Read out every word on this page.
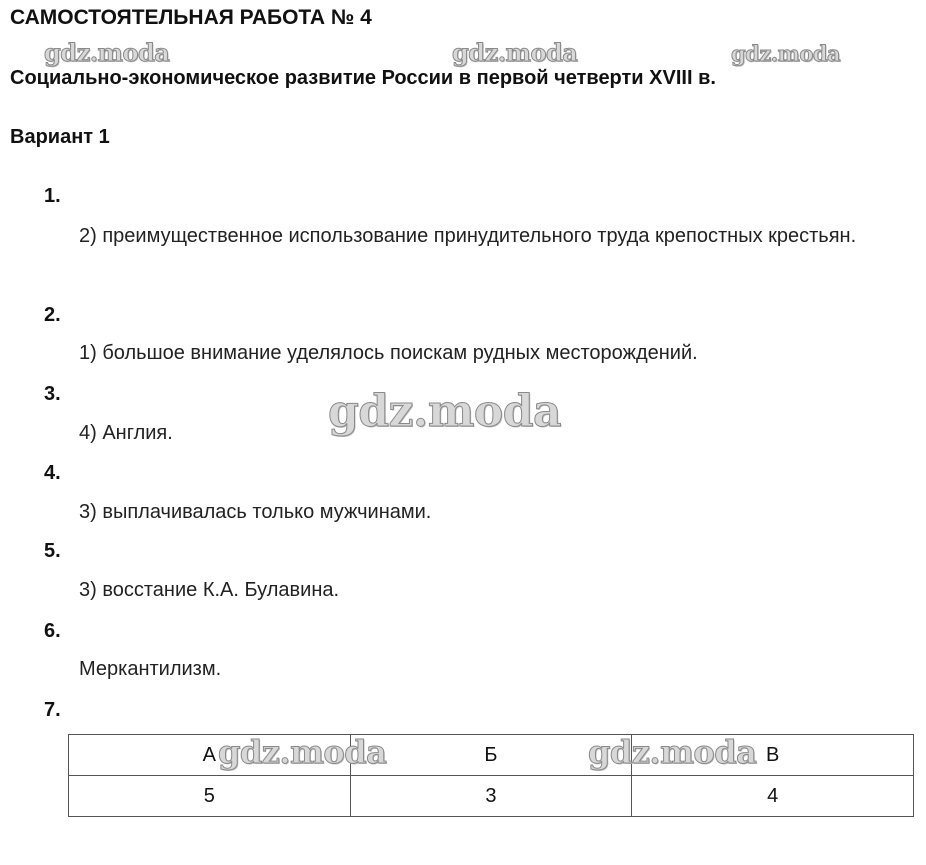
САМОСТОЯТЕЛЬНАЯ РАБОТА № 4
Социально-экономическое развитие России в первой четверти XVIII в.
Вариант 1
1.
2) преимущественное использование принудительного труда крепостных крестьян.
2.
1) большое внимание уделялось поискам рудных месторождений.
3.
4) Англия.
4.
3) выплачивалась только мужчинами.
5.
3) восстание К.А. Булавина.
6.
Меркантилизм.
7.
А	Б	В
5	3	4
gdz.moda	gdz.moda	gdz.moda
gdz.moda
gdz.moda	gdz.moda
